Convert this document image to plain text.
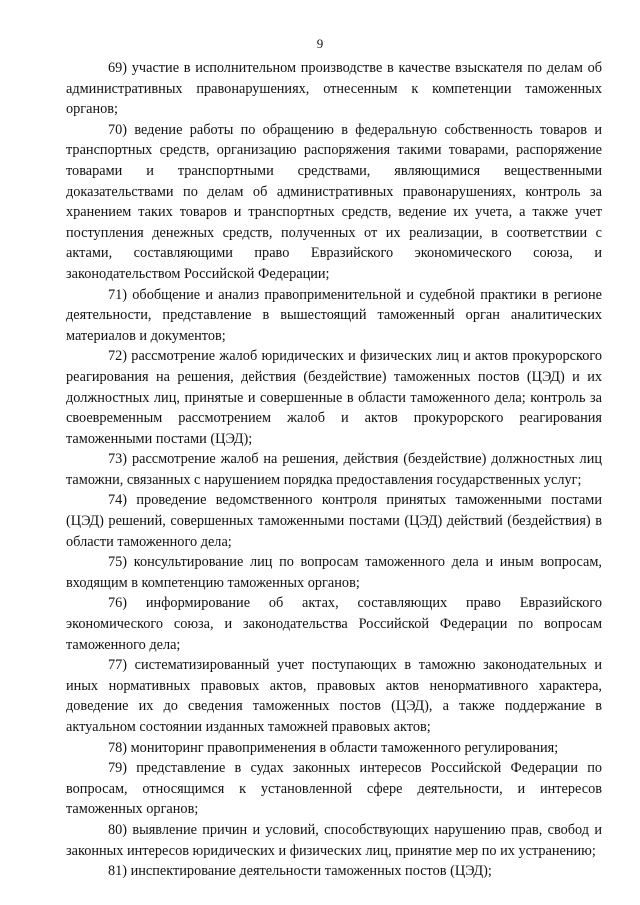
9

69) участие в исполнительном производстве в качестве взыскателя по делам об административных правонарушениях, отнесенным к компетенции таможенных органов;

70) ведение работы по обращению в федеральную собственность товаров и транспортных средств, организацию распоряжения такими товарами, распоряжение товарами и транспортными средствами, являющимися вещественными доказательствами по делам об административных правонарушениях, контроль за хранением таких товаров и транспортных средств, ведение их учета, а также учет поступления денежных средств, полученных от их реализации, в соответствии с актами, составляющими право Евразийского экономического союза, и законодательством Российской Федерации;

71) обобщение и анализ правоприменительной и судебной практики в регионе деятельности, представление в вышестоящий таможенный орган аналитических материалов и документов;

72) рассмотрение жалоб юридических и физических лиц и актов прокурорского реагирования на решения, действия (бездействие) таможенных постов (ЦЭД) и их должностных лиц, принятые и совершенные в области таможенного дела; контроль за своевременным рассмотрением жалоб и актов прокурорского реагирования таможенными постами (ЦЭД);

73) рассмотрение жалоб на решения, действия (бездействие) должностных лиц таможни, связанных с нарушением порядка предоставления государственных услуг;

74) проведение ведомственного контроля принятых таможенными постами (ЦЭД) решений, совершенных таможенными постами (ЦЭД) действий (бездействия) в области таможенного дела;

75) консультирование лиц по вопросам таможенного дела и иным вопросам, входящим в компетенцию таможенных органов;

76) информирование об актах, составляющих право Евразийского экономического союза, и законодательства Российской Федерации по вопросам таможенного дела;

77) систематизированный учет поступающих в таможню законодательных и иных нормативных правовых актов, правовых актов ненормативного характера, доведение их до сведения таможенных постов (ЦЭД), а также поддержание в актуальном состоянии изданных таможней правовых актов;

78) мониторинг правоприменения в области таможенного регулирования;

79) представление в судах законных интересов Российской Федерации по вопросам, относящимся к установленной сфере деятельности, и интересов таможенных органов;

80) выявление причин и условий, способствующих нарушению прав, свобод и законных интересов юридических и физических лиц, принятие мер по их устранению;

81) инспектирование деятельности таможенных постов (ЦЭД);
